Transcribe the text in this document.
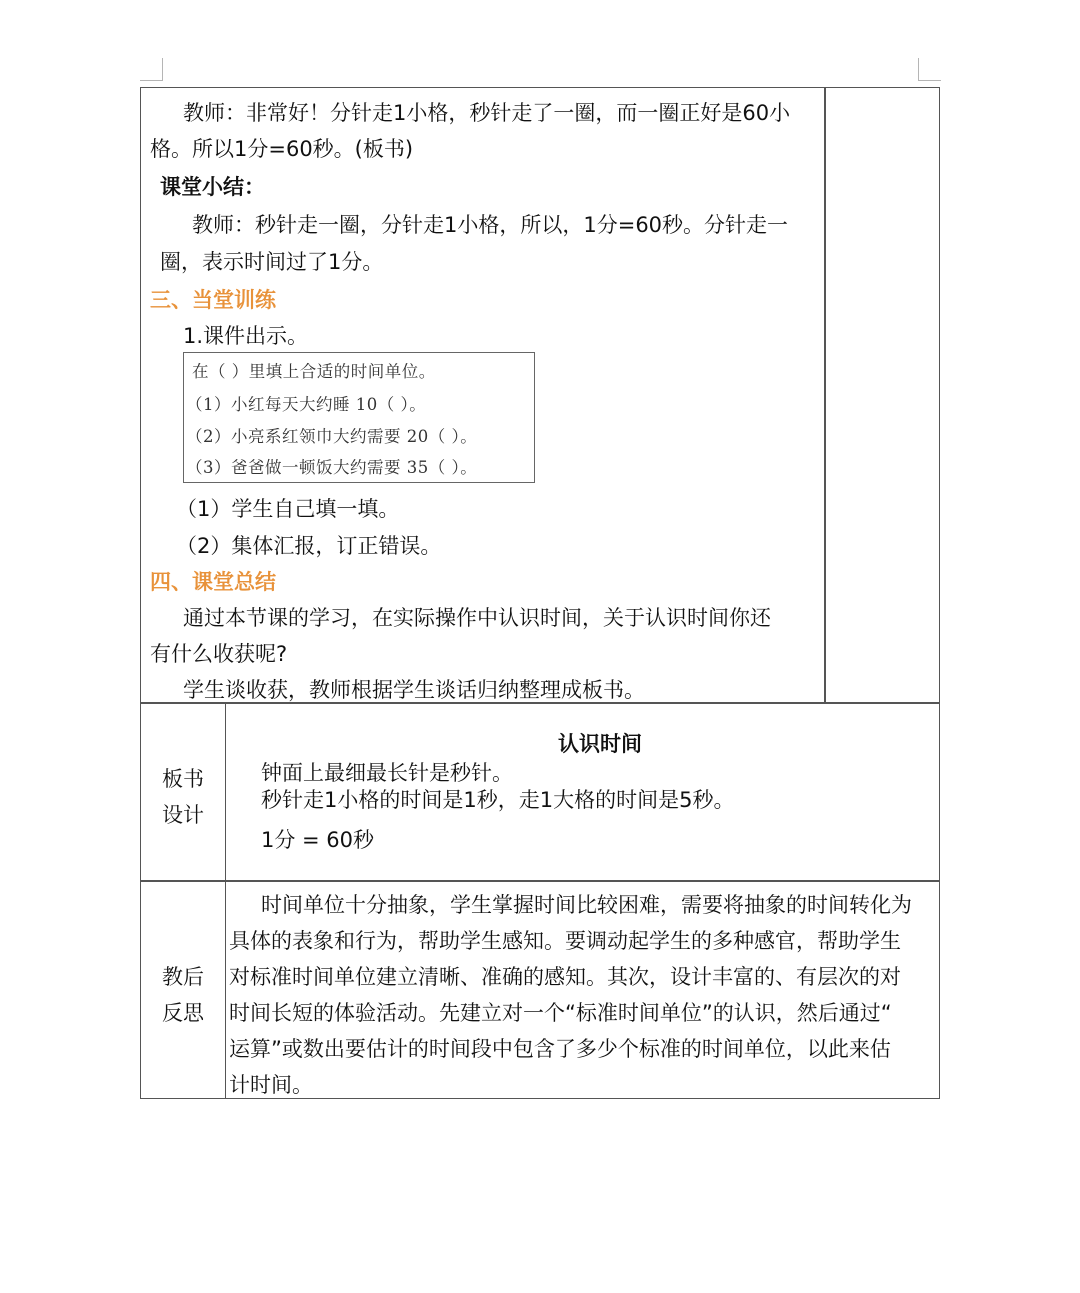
教师：非常好！分针走1小格，秒针走了一圈，而一圈正好是60小
格。所以1分=60秒。(板书)
课堂小结：
教师：秒针走一圈，分针走1小格，所以，1分=60秒。分针走一
圈，表示时间过了1分。
三、当堂训练
1.课件出示。
在（ ）里填上合适的时间单位。
（1）小红每天大约睡 10（ ）。
（2）小亮系红领巾大约需要 20（ ）。
（3）爸爸做一顿饭大约需要 35（ ）。
（1）学生自己填一填。
（2）集体汇报，订正错误。
四、课堂总结
通过本节课的学习，在实际操作中认识时间，关于认识时间你还
有什么收获呢?
学生谈收获，教师根据学生谈话归纳整理成板书。
板书
设计
认识时间
钟面上最细最长针是秒针。
秒针走1小格的时间是1秒，走1大格的时间是5秒。
1分 = 60秒
教后
反思
时间单位十分抽象，学生掌握时间比较困难，需要将抽象的时间转化为
具体的表象和行为，帮助学生感知。要调动起学生的多种感官，帮助学生
对标准时间单位建立清晰、准确的感知。其次，设计丰富的、有层次的对
时间长短的体验活动。先建立对一个“标准时间单位”的认识，然后通过“
运算”或数出要估计的时间段中包含了多少个标准的时间单位，以此来估
计时间。
